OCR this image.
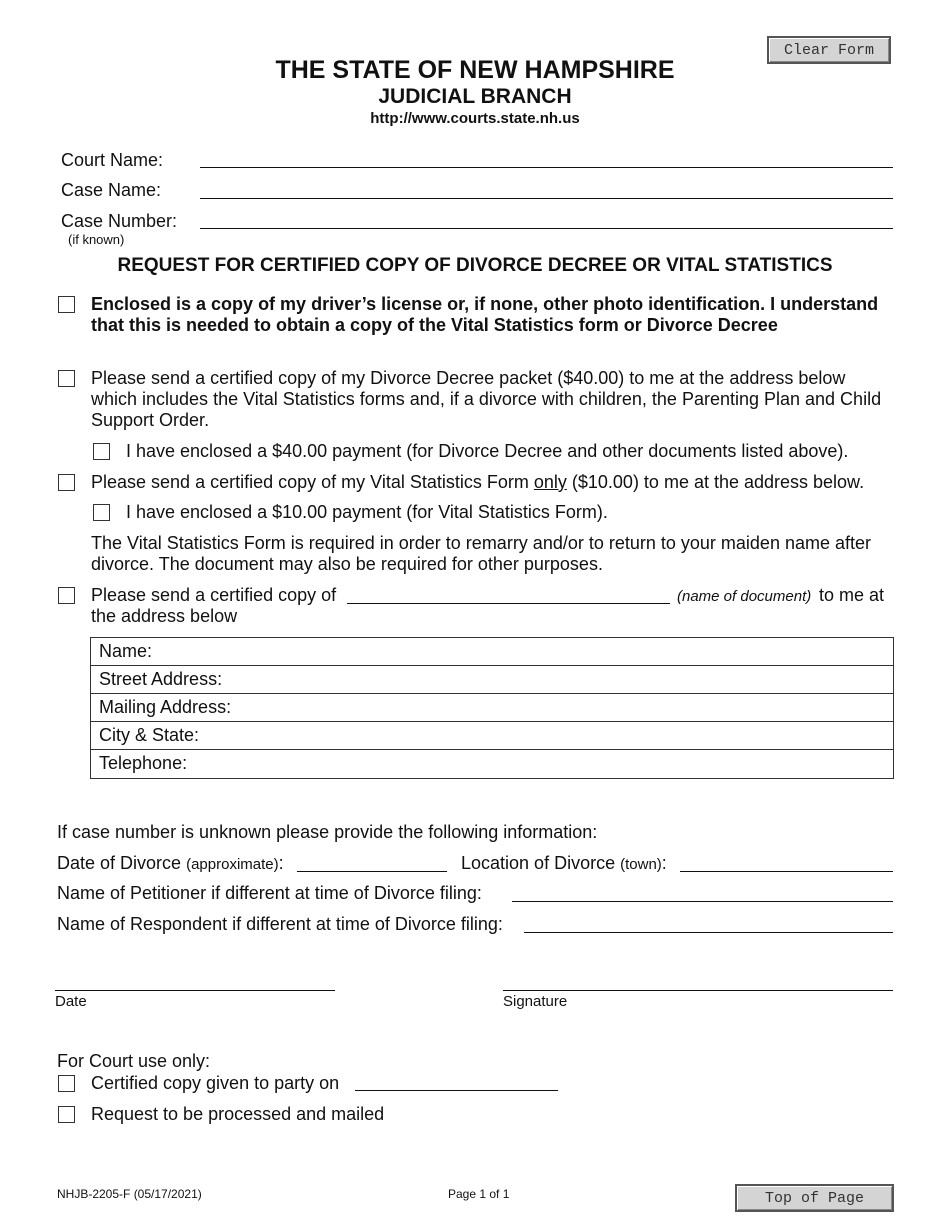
Clear Form
THE STATE OF NEW HAMPSHIRE
JUDICIAL BRANCH
http://www.courts.state.nh.us
Court Name:
Case Name:
Case Number:
(if known)
REQUEST FOR CERTIFIED COPY OF DIVORCE DECREE OR VITAL STATISTICS
Enclosed is a copy of my driver’s license or, if none, other photo identification. I understand that this is needed to obtain a copy of the Vital Statistics form or Divorce Decree
Please send a certified copy of my Divorce Decree packet ($40.00) to me at the address below which includes the Vital Statistics forms and, if a divorce with children, the Parenting Plan and Child Support Order.
I have enclosed a $40.00 payment (for Divorce Decree and other documents listed above).
Please send a certified copy of my Vital Statistics Form only ($10.00) to me at the address below.
I have enclosed a $10.00 payment (for Vital Statistics Form).
The Vital Statistics Form is required in order to remarry and/or to return to your maiden name after divorce. The document may also be required for other purposes.
Please send a certified copy of	(name of document) to me at
the address below
Name:
Street Address:
Mailing Address:
City & State:
Telephone:
If case number is unknown please provide the following information:
Date of Divorce (approximate):	Location of Divorce (town):
Name of Petitioner if different at time of Divorce filing:
Name of Respondent if different at time of Divorce filing:
Date	Signature
For Court use only:
Certified copy given to party on
Request to be processed and mailed
NHJB-2205-F (05/17/2021)	Page 1 of 1	Top of Page
